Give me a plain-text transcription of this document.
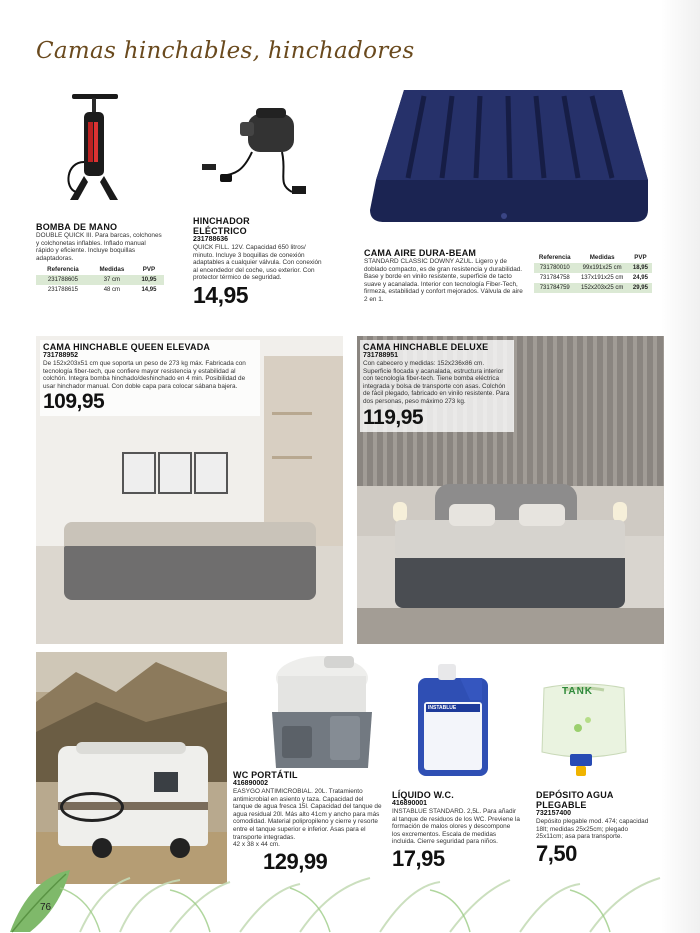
Camas hinchables, hinchadores
BOMBA DE MANO
DOUBLE QUICK III. Para barcas, colchones y colchonetas inflables. Inflado manual rápido y eficiente. Incluye boquillas adaptadoras.
Referencia	Medidas	PVP
231788605	37 cm	10,95
231788615	48 cm	14,95
HINCHADOR
ELÉCTRICO
231788636
QUICK FILL. 12V. Capacidad 650 litros/ minuto. Incluye 3 boquillas de conexión adaptables a cualquier válvula. Con conexión al encendedor del coche, uso exterior. Con protector térmico de seguridad.
14,95
CAMA AIRE DURA-BEAM
STANDARD CLASSIC DOWNY AZUL. Ligero y de doblado compacto, es de gran resistencia y durabilidad. Base y borde en vinilo resistente, superficie de tacto suave y acanalada. Interior con tecnología Fiber-Tech, firmeza, estabilidad y confort mejorados. Válvula de aire 2 en 1.
Referencia	Medidas	PVP
731780010	99x191x25 cm	18,95
731784758	137x191x25 cm	24,95
731784759	152x203x25 cm	29,95
CAMA HINCHABLE QUEEN ELEVADA
731788952
De 152x203x51 cm que soporta un peso de 273 kg máx. Fabricada con tecnología fiber-tech, que confiere mayor resistencia y estabilidad al colchón. Integra bomba hinchado/deshinchado en 4 min. Posibilidad de usar hinchador manual. Con doble capa para colocar sábana bajera.
109,95
CAMA HINCHABLE DELUXE
731788951
Con cabecero y medidas: 152x236x86 cm. Superficie flocada y acanalada, estructura interior con tecnología fiber-tech. Tiene bomba eléctrica integrada y bolsa de transporte con asas. Colchón de fácil plegado, fabricado en vinilo resistente. Para dos personas, peso máximo 273 kg.
119,95
WC PORTÁTIL
416890002
EASYGO ANTIMICROBIAL. 20L. Tratamiento antimicrobial en asiento y taza. Capacidad del tanque de agua fresca 15l. Capacidad del tanque de agua residual 20l. Más alto 41cm y ancho para más comodidad. Material polipropileno y cierre y resorte entre el tanque superior e inferior. Asas para el transporte integradas.
42 x 38 x 44 cm.
129,99
INSTABLUE
LÍQUIDO W.C.
416890001
INSTABLUE STANDARD. 2,5L. Para añadir al tanque de residuos de los WC. Previene la formación de malos olores y descompone los excrementos. Escala de medidas incluida. Cierre seguridad para niños.
17,95
TANK
DEPÓSITO AGUA
PLEGABLE
732157400
Depósito plegable mod. 474; capacidad 18lt; medidas 25x25cm; plegado 25x11cm; asa para transporte.
7,50
76
